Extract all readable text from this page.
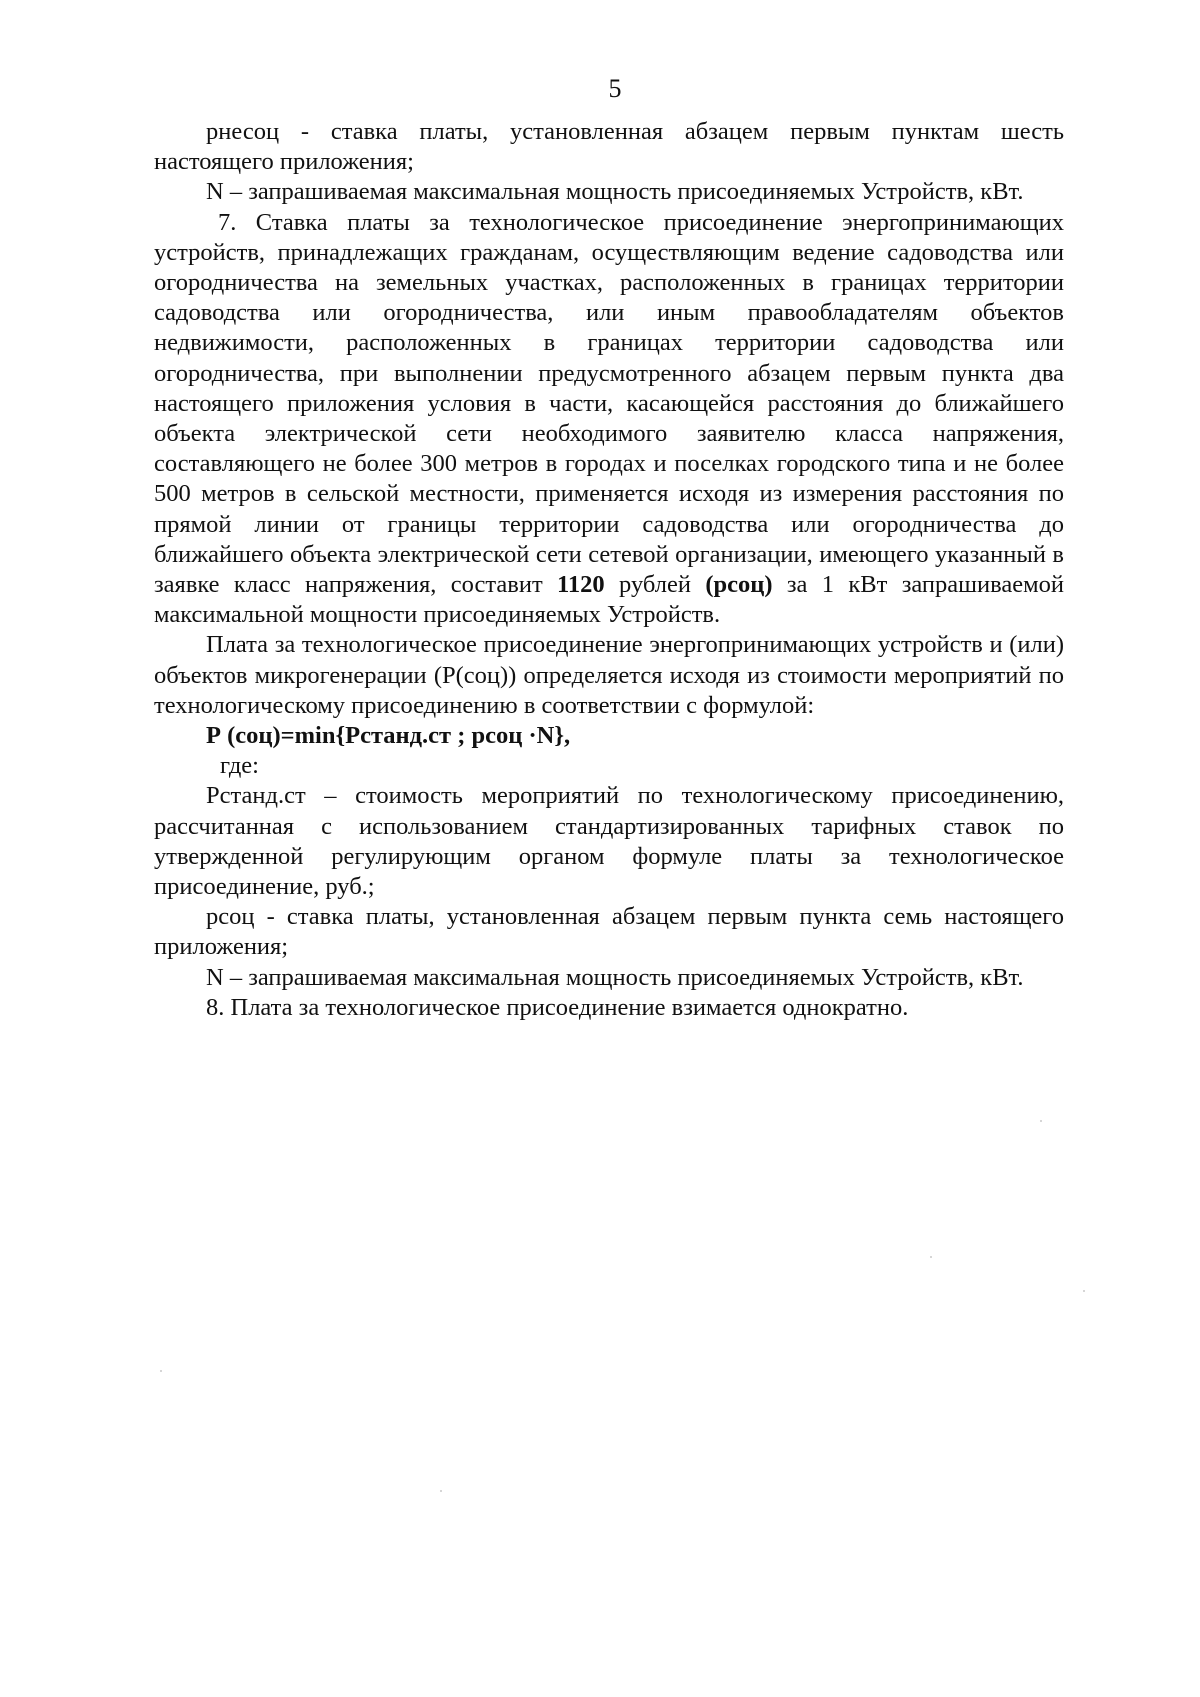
5

рнесоц - ставка платы, установленная абзацем первым пунктам шесть настоящего приложения;

N – запрашиваемая максимальная мощность присоединяемых Устройств, кВт.

7. Ставка платы за технологическое присоединение энергопринимающих устройств, принадлежащих гражданам, осуществляющим ведение садоводства или огородничества на земельных участках, расположенных в границах территории садоводства или огородничества, или иным правообладателям объектов недвижимости, расположенных в границах территории садоводства или огородничества, при выполнении предусмотренного абзацем первым пункта два настоящего приложения условия в части, касающейся расстояния до ближайшего объекта электрической сети необходимого заявителю класса напряжения, составляющего не более 300 метров в городах и поселках городского типа и не более 500 метров в сельской местности, применяется исходя из измерения расстояния по прямой линии от границы территории садоводства или огородничества до ближайшего объекта электрической сети сетевой организации, имеющего указанный в заявке класс напряжения, составит 1120 рублей (рсоц) за 1 кВт запрашиваемой максимальной мощности присоединяемых Устройств.

Плата за технологическое присоединение энергопринимающих устройств и (или) объектов микрогенерации (Р(соц)) определяется исходя из стоимости мероприятий по технологическому присоединению в соответствии с формулой:

Р (соц)=min{Рстанд.ст ; рсоц ·N},

где:

Рстанд.ст – стоимость мероприятий по технологическому присоединению, рассчитанная с использованием стандартизированных тарифных ставок по утвержденной регулирующим органом формуле платы за технологическое присоединение, руб.;

рсоц - ставка платы, установленная абзацем первым пункта семь настоящего приложения;

N – запрашиваемая максимальная мощность присоединяемых Устройств, кВт.

8. Плата за технологическое присоединение взимается однократно.
